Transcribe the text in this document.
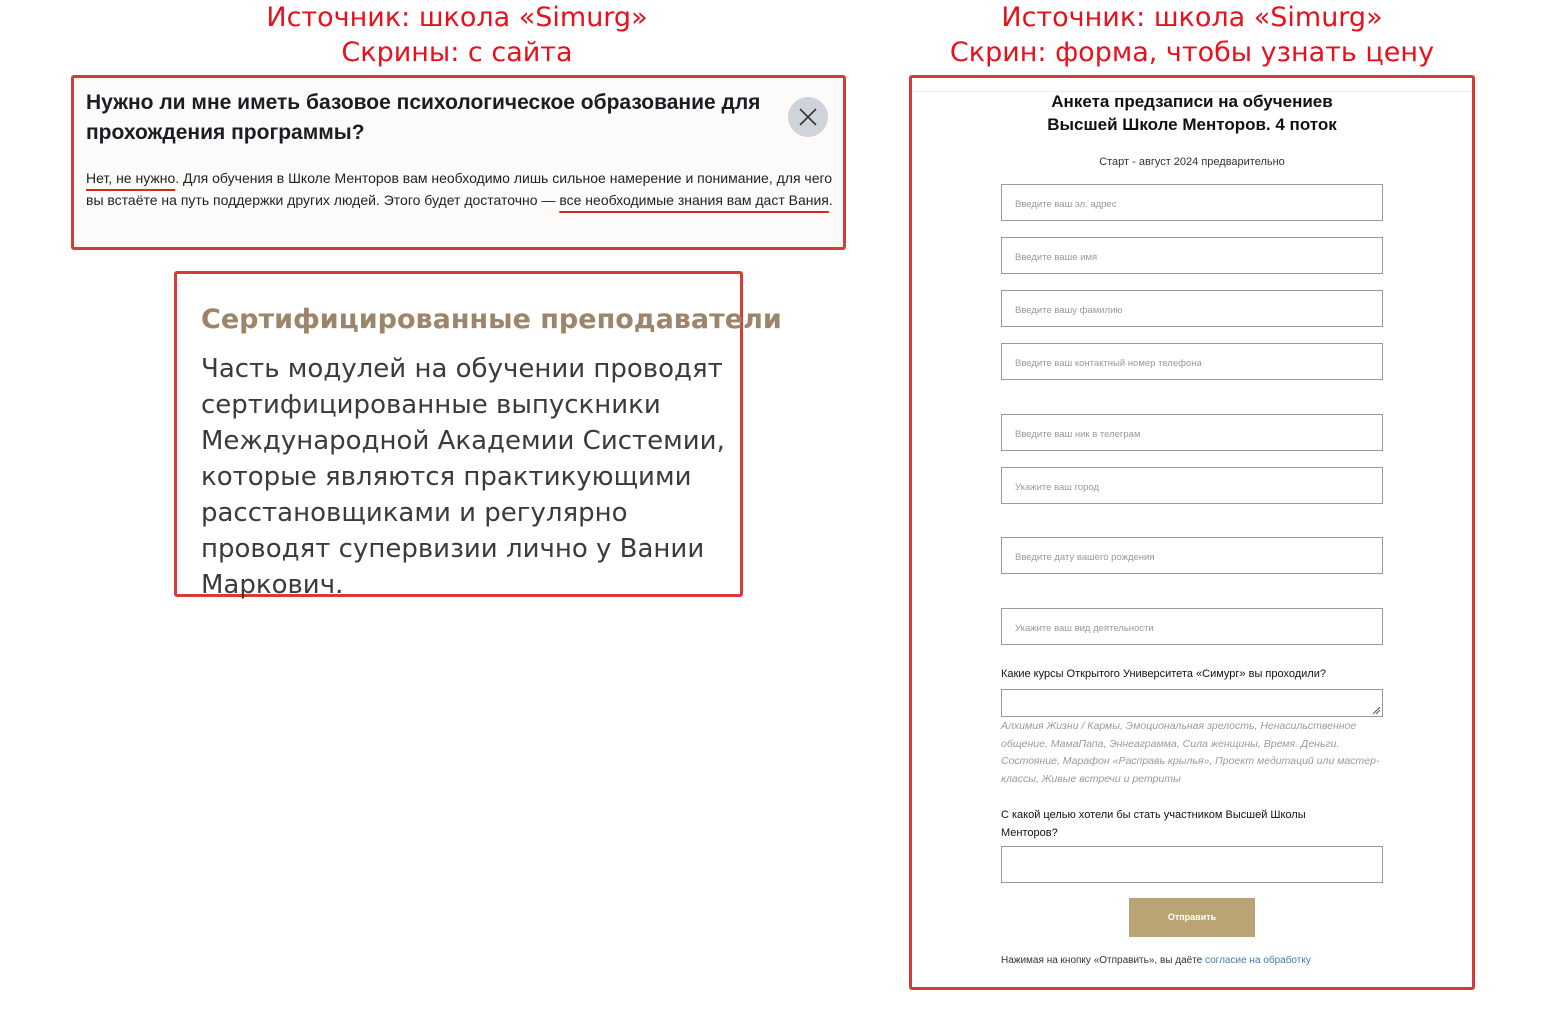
Источник: школа «Simurg»
Скрины: с сайта
Источник: школа «Simurg»
Скрин: форма, чтобы узнать цену
Нужно ли мне иметь базовое психологическое образование для прохождения программы?
Нет, не нужно. Для обучения в Школе Менторов вам необходимо лишь сильное намерение и понимание, для чего вы встаёте на путь поддержки других людей. Этого будет достаточно — все необходимые знания вам даст Вания.
Сертифицированные преподаватели
Часть модулей на обучении проводят сертифицированные выпускники Международной Академии Системии, которые являются практикующими расстановщиками и регулярно проводят супервизии лично у Вании Маркович.
Анкета предзаписи на обучениев
Высшей Школе Менторов. 4 поток
Старт - август 2024 предварительно
Введите ваш эл. адрес
Введите ваше имя
Введите вашу фамилию
Введите ваш контактный номер телефона
Введите ваш ник в телеграм
Укажите ваш город
Введите дату вашего рождения
Укажите ваш вид деятельности
Какие курсы Открытого Университета «Симург» вы проходили?
Алхимия Жизни / Кармы, Эмоциональная зрелость, Ненасильственное общение, МамаПапа, Эннеаграмма, Сила женщины, Время. Деньги. Состояние, Марафон «Расправь крылья», Проект медитаций или мастер-классы, Живые встречи и ретриты
С какой целью хотели бы стать участником Высшей Школы Менторов?
Отправить
Нажимая на кнопку «Отправить», вы даёте согласие на обработку
